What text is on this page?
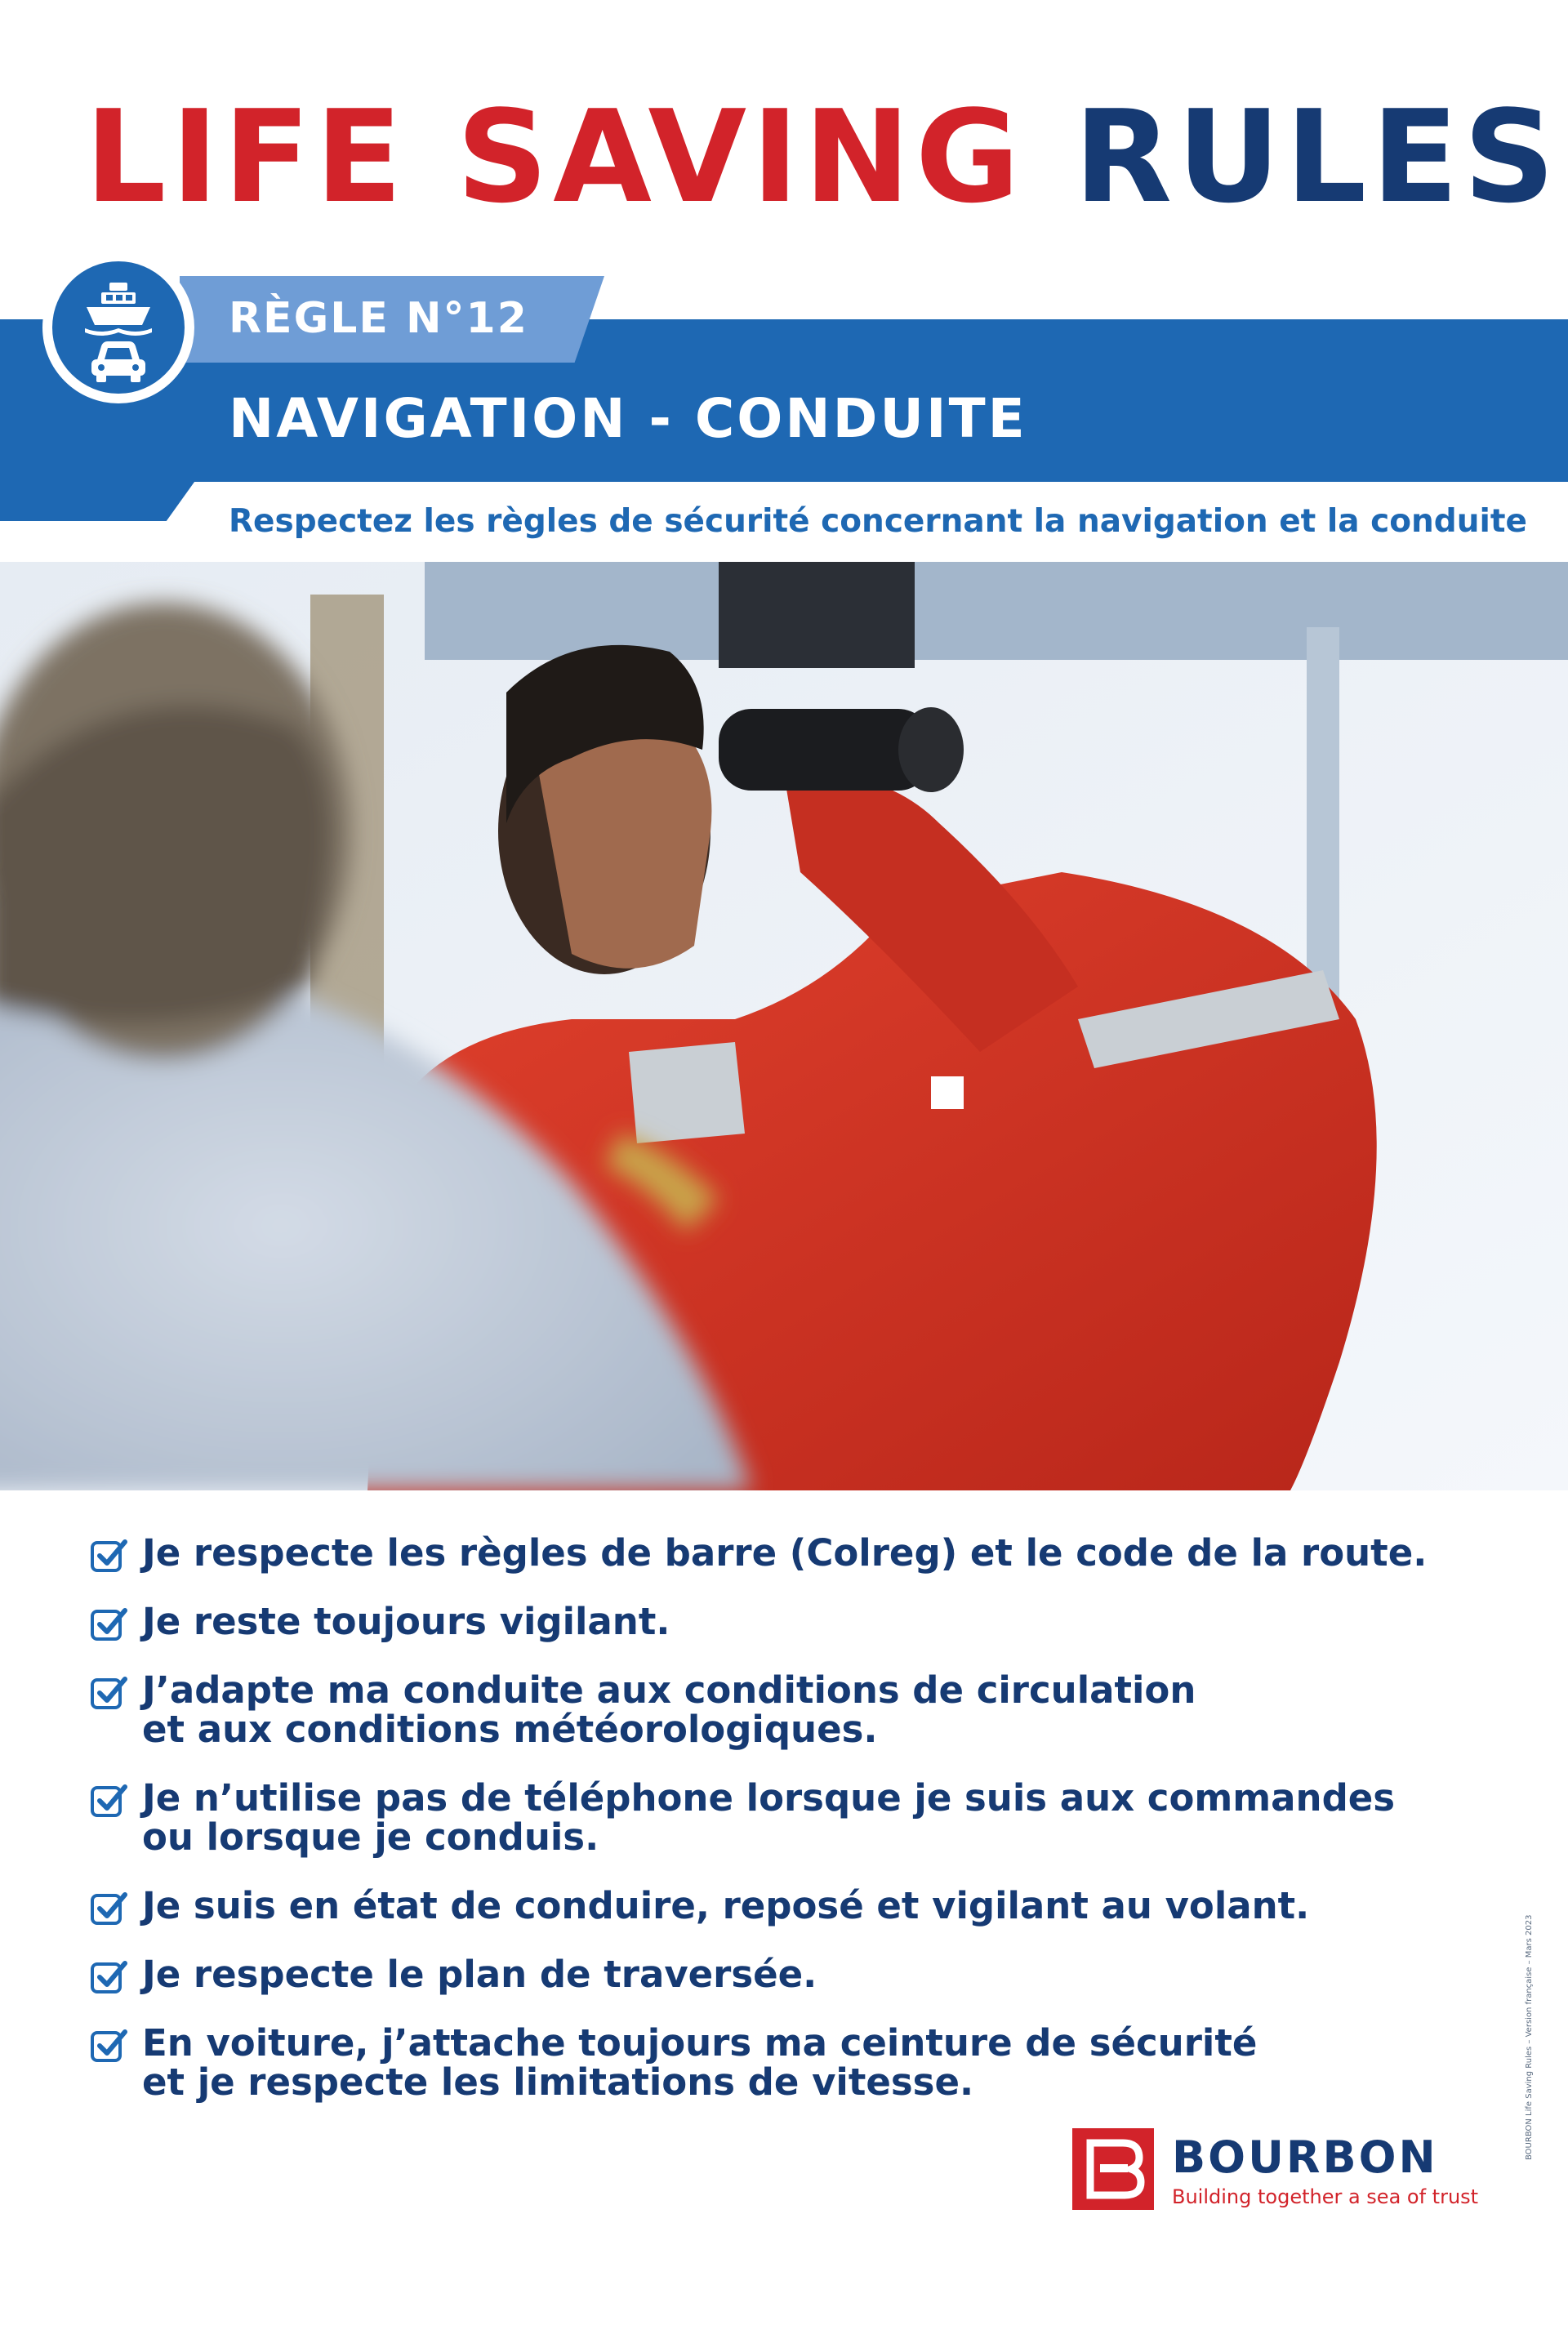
LIFE SAVING RULES
RÈGLE N°12
NAVIGATION - CONDUITE
Respectez les règles de sécurité concernant la navigation et la conduite
Je respecte les règles de barre (Colreg) et le code de la route.
Je reste toujours vigilant.
J’adapte ma conduite aux conditions de circulation
et aux conditions météorologiques.
Je n’utilise pas de téléphone lorsque je suis aux commandes
ou lorsque je conduis.
Je suis en état de conduire, reposé et vigilant au volant.
Je respecte le plan de traversée.
En voiture, j’attache toujours ma ceinture de sécurité
et je respecte les limitations de vitesse.	BOURBON Life Saving Rules – Version française – Mars 2023
BOURBON
Building together a sea of trust
